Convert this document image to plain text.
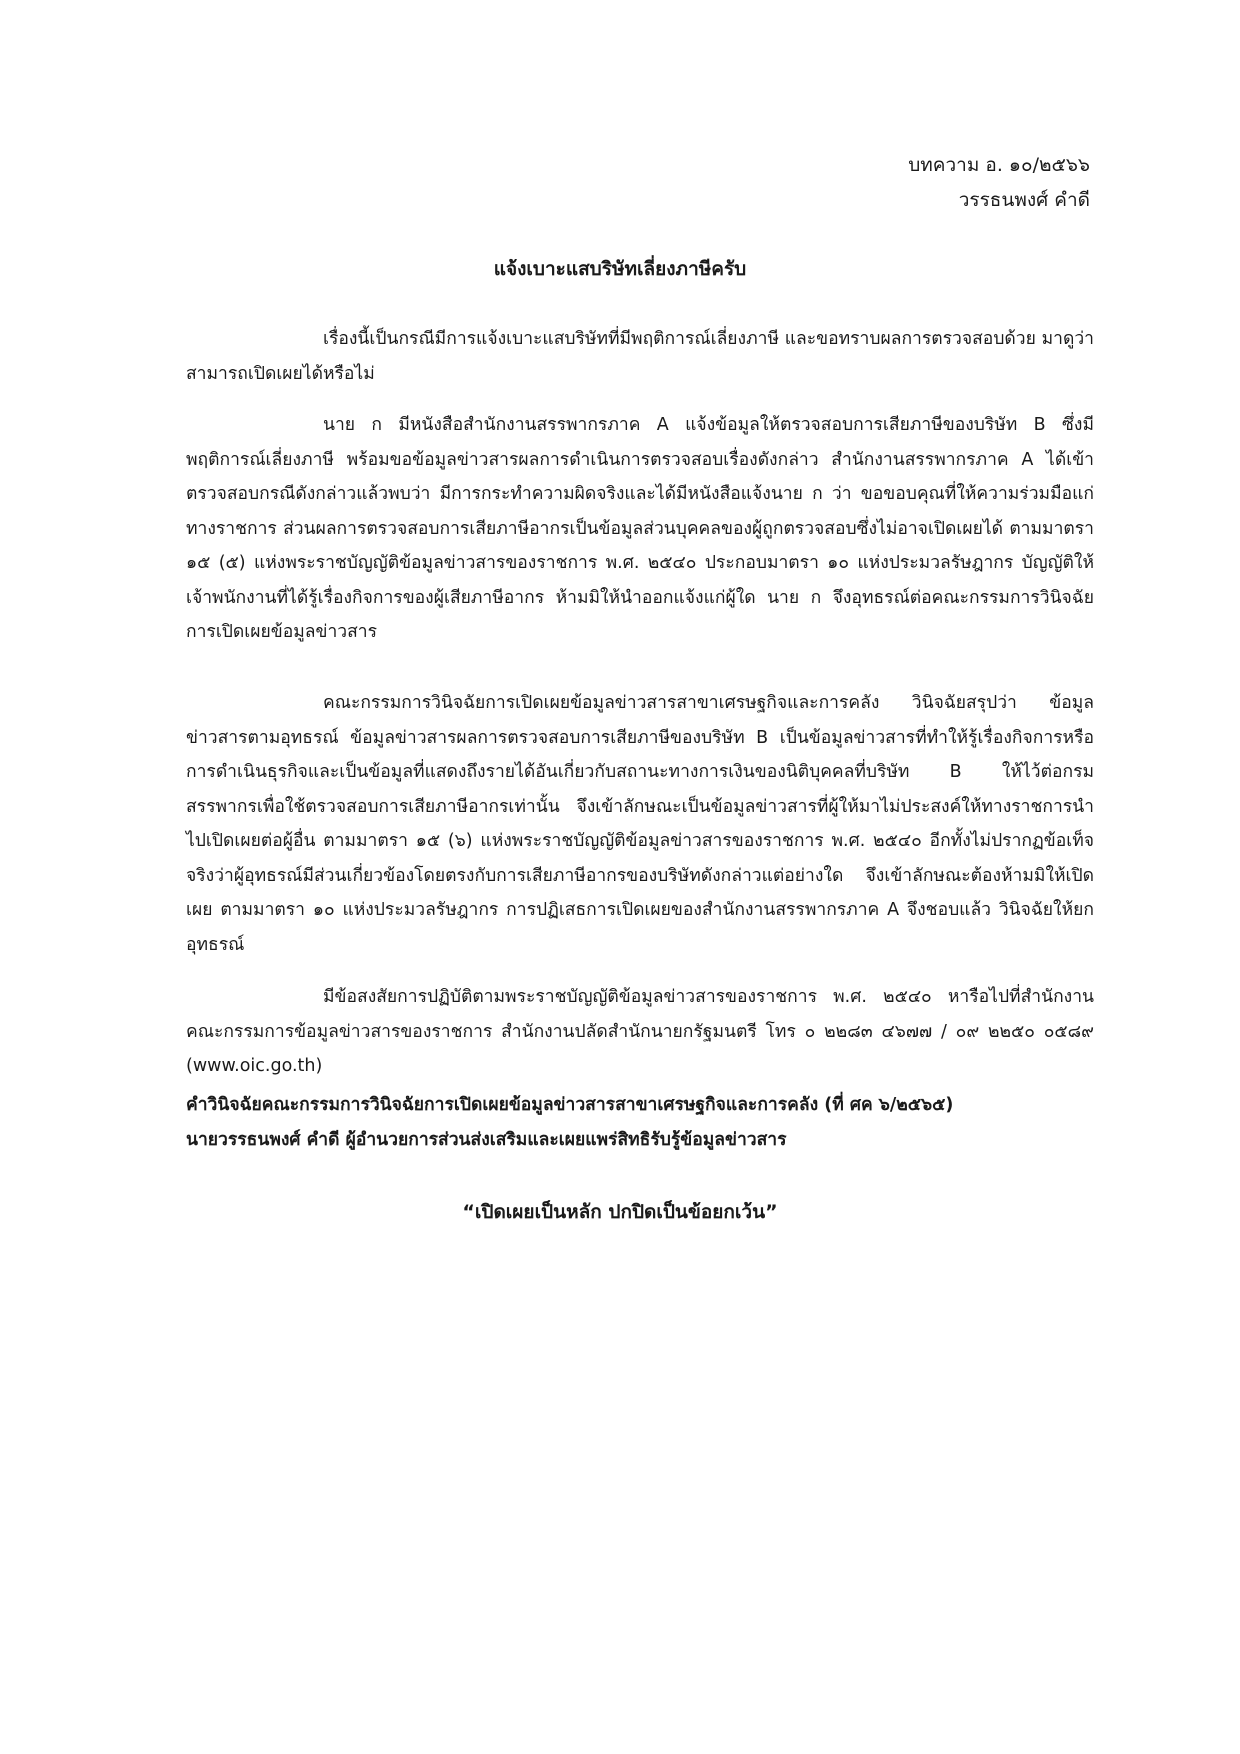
บทความ อ. ๑๐/๒๕๖๖
วรรธนพงศ์ คำดี
แจ้งเบาะแสบริษัทเลี่ยงภาษีครับ
เรื่องนี้เป็นกรณีมีการแจ้งเบาะแสบริษัทที่มีพฤติการณ์เลี่ยงภาษี และขอทราบผลการตรวจสอบด้วย มาดูว่า สามารถเปิดเผยได้หรือไม่
นาย ก มีหนังสือสำนักงานสรรพากรภาค A แจ้งข้อมูลให้ตรวจสอบการเสียภาษีของบริษัท B ซึ่งมีพฤติการณ์เลี่ยงภาษี พร้อมขอข้อมูลข่าวสารผลการดำเนินการตรวจสอบเรื่องดังกล่าว สำนักงานสรรพากรภาค A ได้เข้าตรวจสอบกรณีดังกล่าวแล้วพบว่า มีการกระทำความผิดจริงและได้มีหนังสือแจ้งนาย ก ว่า ขอขอบคุณที่ให้ความร่วมมือแก่ทางราชการ ส่วนผลการตรวจสอบการเสียภาษีอากรเป็นข้อมูลส่วนบุคคลของผู้ถูกตรวจสอบซึ่งไม่อาจเปิดเผยได้ ตามมาตรา ๑๕ (๕) แห่งพระราชบัญญัติข้อมูลข่าวสารของราชการ พ.ศ. ๒๕๔๐ ประกอบมาตรา ๑๐ แห่งประมวลรัษฎากร บัญญัติให้เจ้าพนักงานที่ได้รู้เรื่องกิจการของผู้เสียภาษีอากร ห้ามมิให้นำออกแจ้งแก่ผู้ใด นาย ก จึงอุทธรณ์ต่อคณะกรรมการวินิจฉัยการเปิดเผยข้อมูลข่าวสาร
คณะกรรมการวินิจฉัยการเปิดเผยข้อมูลข่าวสารสาขาเศรษฐกิจและการคลัง วินิจฉัยสรุปว่า ข้อมูลข่าวสารตามอุทธรณ์ ข้อมูลข่าวสารผลการตรวจสอบการเสียภาษีของบริษัท B เป็นข้อมูลข่าวสารที่ทำให้รู้เรื่องกิจการหรือการดำเนินธุรกิจและเป็นข้อมูลที่แสดงถึงรายได้อันเกี่ยวกับสถานะทางการเงินของนิติบุคคลที่บริษัท B ให้ไว้ต่อกรมสรรพากรเพื่อใช้ตรวจสอบการเสียภาษีอากรเท่านั้น จึงเข้าลักษณะเป็นข้อมูลข่าวสารที่ผู้ให้มาไม่ประสงค์ให้ทางราชการนำไปเปิดเผยต่อผู้อื่น ตามมาตรา ๑๕ (๖) แห่งพระราชบัญญัติข้อมูลข่าวสารของราชการ พ.ศ. ๒๕๔๐ อีกทั้งไม่ปรากฏข้อเท็จจริงว่าผู้อุทธรณ์มีส่วนเกี่ยวข้องโดยตรงกับการเสียภาษีอากรของบริษัทดังกล่าวแต่อย่างใด จึงเข้าลักษณะต้องห้ามมิให้เปิดเผย ตามมาตรา ๑๐ แห่งประมวลรัษฎากร การปฏิเสธการเปิดเผยของสำนักงานสรรพากรภาค A จึงชอบแล้ว วินิจฉัยให้ยกอุทธรณ์
มีข้อสงสัยการปฏิบัติตามพระราชบัญญัติข้อมูลข่าวสารของราชการ พ.ศ. ๒๕๔๐ หารือไปที่สำนักงานคณะกรรมการข้อมูลข่าวสารของราชการ สำนักงานปลัดสำนักนายกรัฐมนตรี โทร ๐ ๒๒๘๓ ๔๖๗๗ / ๐๙ ๒๒๕๐ ๐๕๘๙ (www.oic.go.th)
คำวินิจฉัยคณะกรรมการวินิจฉัยการเปิดเผยข้อมูลข่าวสารสาขาเศรษฐกิจและการคลัง (ที่ ศค ๖/๒๕๖๕)
นายวรรธนพงศ์ คำดี ผู้อำนวยการส่วนส่งเสริมและเผยแพร่สิทธิรับรู้ข้อมูลข่าวสาร
“เปิดเผยเป็นหลัก ปกปิดเป็นข้อยกเว้น”
